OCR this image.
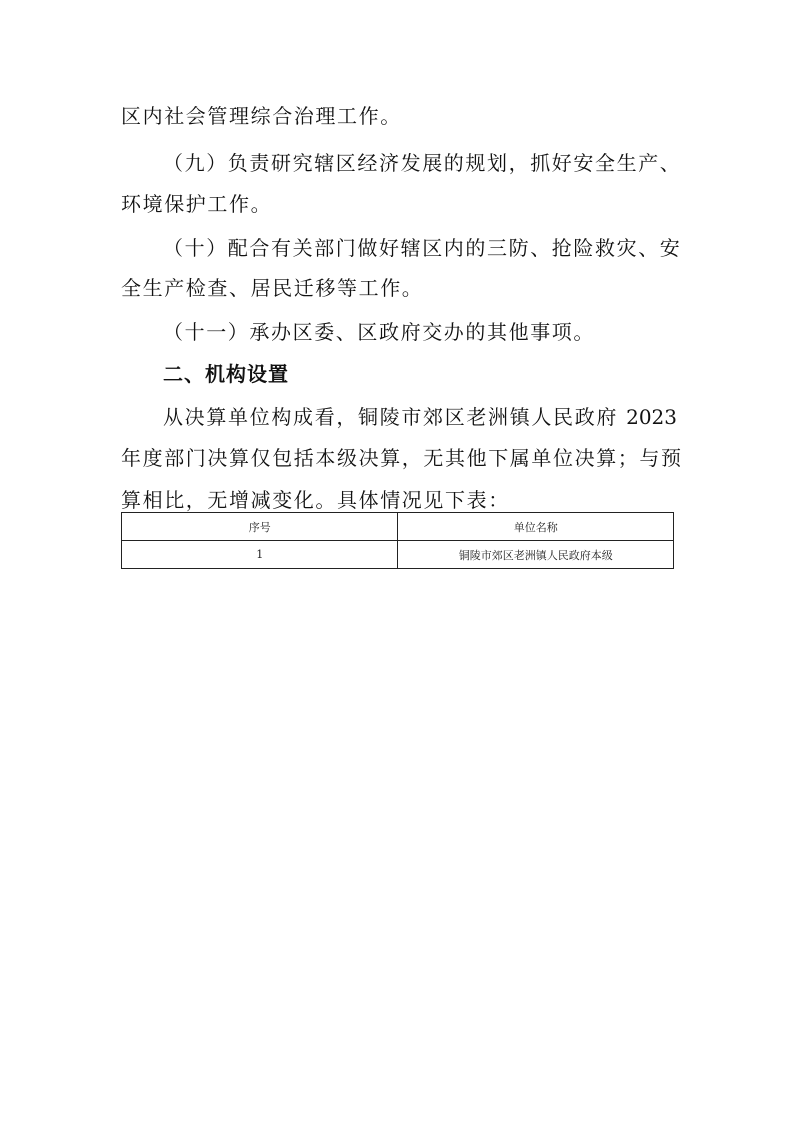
区内社会管理综合治理工作。
（九）负责研究辖区经济发展的规划，抓好安全生产、
环境保护工作。
（十）配合有关部门做好辖区内的三防、抢险救灾、安
全生产检查、居民迁移等工作。
（十一）承办区委、区政府交办的其他事项。
二、机构设置
从决算单位构成看，铜陵市郊区老洲镇人民政府 2023
年度部门决算仅包括本级决算，无其他下属单位决算；与预
算相比，无增减变化。具体情况见下表：
序号	单位名称
1	铜陵市郊区老洲镇人民政府本级
